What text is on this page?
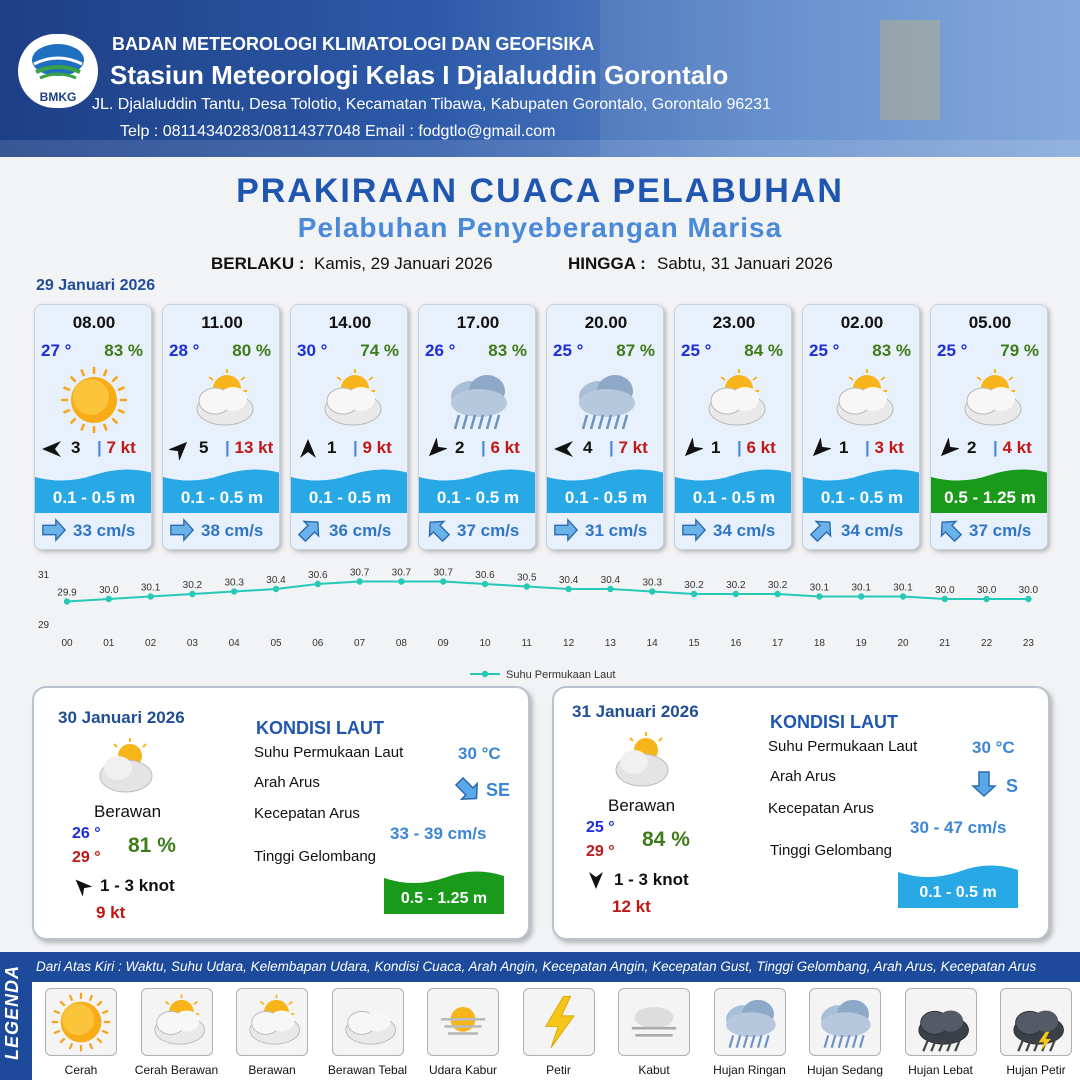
BMKG
BADAN METEOROLOGI KLIMATOLOGI DAN GEOFISIKA
Stasiun Meteorologi Kelas I Djalaluddin Gorontalo
JL. Djalaluddin Tantu, Desa Tolotio, Kecamatan Tibawa, Kabupaten Gorontalo, Gorontalo 96231
Telp : 08114340283/08114377048 Email : fodgtlo@gmail.com
PRAKIRAAN CUACA PELABUHAN
Pelabuhan Penyeberangan Marisa
BERLAKU : Kamis, 29 Januari 2026	HINGGA : Sabtu, 31 Januari 2026
29 Januari 2026
08.00
27 ° 83 %
3 | 7 kt
0.1 - 0.5 m
33 cm/s
11.00
28 ° 80 %
5 | 13 kt
0.1 - 0.5 m
38 cm/s
14.00
30 ° 74 %
1 | 9 kt
0.1 - 0.5 m
36 cm/s
17.00
26 ° 83 %
2 | 6 kt
0.1 - 0.5 m
37 cm/s
20.00
25 ° 87 %
4 | 7 kt
0.1 - 0.5 m
31 cm/s
23.00
25 ° 84 %
1 | 6 kt
0.1 - 0.5 m
34 cm/s
02.00
25 ° 83 %
1 | 3 kt
0.1 - 0.5 m
34 cm/s
05.00
25 ° 79 %
2 | 4 kt
0.5 - 1.25 m
37 cm/s
29
31
29.9 30.0 30.1 30.2 30.3 30.4 30.6 30.7 30.7 30.7 30.6 30.5 30.4 30.4 30.3 30.2 30.2 30.2 30.1 30.1 30.1 30.0 30.0 30.0
00	01	02	03	04	05	06	07	08	09	10	11	12	13	14	15	16	17	18	19	20	21	22	23
Suhu Permukaan Laut
30 Januari 2026
Berawan
26 °
29 °
81 %
1 - 3 knot
9 kt
KONDISI LAUT
Suhu Permukaan Laut	30 °C
Arah Arus	SE
Kecepatan Arus
33 - 39 cm/s
Tinggi Gelombang
0.5 - 1.25 m
31 Januari 2026
Berawan
25 °
29 °
84 %
1 - 3 knot
12 kt
KONDISI LAUT
Suhu Permukaan Laut	30 °C
Arah Arus	S
Kecepatan Arus
30 - 47 cm/s
Tinggi Gelombang
0.1 - 0.5 m
LEGENDA	Dari Atas Kiri : Waktu, Suhu Udara, Kelembapan Udara, Kondisi Cuaca, Arah Angin, Kecepatan Angin, Kecepatan Gust, Tinggi Gelombang, Arah Arus, Kecepatan Arus
Cerah	Cerah Berawan	Berawan	Berawan Tebal	Udara Kabur	Petir	Kabut	Hujan Ringan	Hujan Sedang	Hujan Lebat	Hujan Petir
